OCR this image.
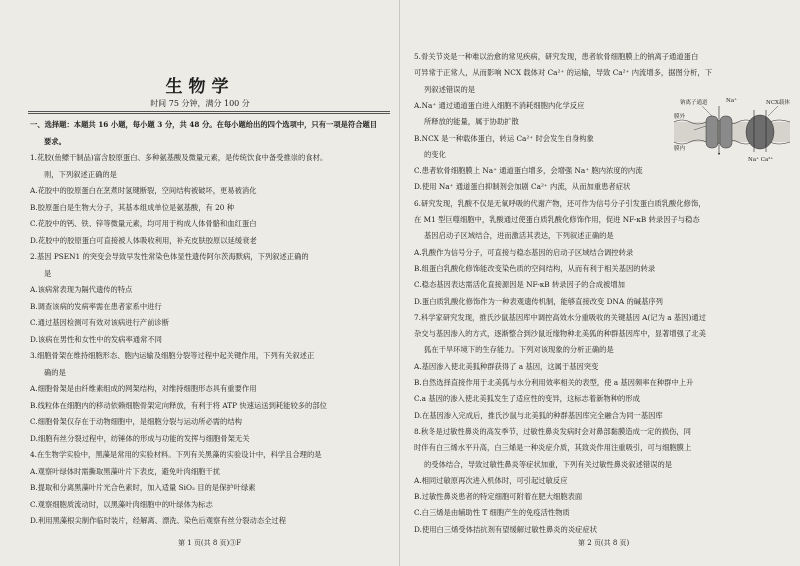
生物学
时间 75 分钟，满分 100 分
一、选择题：本题共 16 小题，每小题 3 分，共 48 分。在每小题给出的四个选项中，只有一项是符合题目
要求。
1.花胶(鱼鳔干制品)富含胶原蛋白、多种氨基酸及微量元素，是传统饮食中备受推崇的食材。
则，下列叙述正确的是
A.花胶中的胶原蛋白在烹煮时氢键断裂，空间结构被破坏，更易被消化
B.胶原蛋白是生物大分子，其基本组成单位是氨基酸，有 20 种
C.花胶中的钙、铁、锌等微量元素，均可用于构成人体骨骼和血红蛋白
D.花胶中的胶原蛋白可直接被人体吸收利用，补充皮肤胶原以延缓衰老
2.基因 PSEN1 的突变会导致早发性常染色体显性遗传阿尔茨海默病，下列叙述正确的
是
A.该病常表现为隔代遗传的特点
B.调查该病的发病率需在患者家系中进行
C.通过基因检测可有效对该病进行产前诊断
D.该病在男性和女性中的发病率通常不同
3.细胞骨架在维持细胞形态、胞内运输及细胞分裂等过程中起关键作用，下列有关叙述正
确的是
A.细胞骨架是由纤维素组成的网架结构，对维持细胞形态具有重要作用
B.线粒体在细胞内的移动依赖细胞骨架定向释放，有利于将 ATP 快速运送到耗能较多的部位
C.细胞骨架仅存在于动物细胞中，是细胞分裂与运动所必需的结构
D.细胞有丝分裂过程中，纺锤体的形成与功能的发挥与细胞骨架无关
4.在生物学实验中，黑藻是常用的实验材料。下列有关黑藻的实验设计中，科学且合理的是
A.观察叶绿体时需撕取黑藻叶片下表皮，避免叶肉细胞干扰
B.提取和分离黑藻叶片光合色素时，加入适量 SiO₂ 目的是保护叶绿素
C.观察细胞质流动时，以黑藻叶肉细胞中的叶绿体为标志
D.利用黑藻根尖制作临时装片，经解离、漂洗、染色后观察有丝分裂动态全过程
第 1 页(共 8 页)③F
5.骨关节炎是一种难以治愈的常见疾病，研究发现，患者软骨细胞膜上的钠离子通道蛋白
可异常于正常人，从而影响 NCX 载体对 Ca²⁺ 的运输，导致 Ca²⁺ 内流增多，据图分析，下
列叙述错误的是
A.Na⁺ 通过通道蛋白进入细胞不消耗细胞内化学反应
所释放的能量，属于协助扩散
B.NCX 是一种载体蛋白，转运 Ca²⁺ 时会发生自身构象
的变化
C.患者软骨细胞膜上 Na⁺ 通道蛋白增多，会增强 Na⁺ 胞内浓度的内流
D.使用 Na⁺ 通道蛋白抑制剂会加剧 Ca²⁺ 内流，从而加重患者症状
6.研究发现，乳酸不仅是无氧呼吸的代谢产物，还可作为信号分子引发蛋白质乳酸化修饰，
在 M1 型巨噬细胞中，乳酸通过使蛋白质乳酸化修饰作用，促进 NF-κB 转录因子与稳态
基因启动子区域结合，进而激活其表达，下列叙述正确的是
A.乳酸作为信号分子，可直接与稳态基因的启动子区域结合调控转录
B.组蛋白乳酸化修饰能改变染色质的空间结构，从而有利于相关基因的转录
C.稳态基因表达需活化直接源因是 NF-κB 转录因子的合成被增加
D.蛋白质乳酸化修饰作为一种表观遗传机制，能够直接改变 DNA 的碱基序列
7.科学家研究发现，推氏沙鼠基因库中调控高效水分重吸收的关键基因 A(记为 a 基因)通过
杂交与基因渗入的方式，逐渐整合到沙鼠近缘物种北美狐的种群基因库中，显著增强了北美
狐在干旱环境下的生存能力。下列对该现象的分析正确的是
A.基因渗入使北美狐种群获得了 a 基因，这属于基因突变
B.自然选择直接作用于北美狐与水分利用效率相关的表型，使 a 基因频率在种群中上升
C.a 基因的渗入使北美狐发生了适应性的变异，这标志着新物种的形成
D.在基因渗入完成后，推氏沙鼠与北美狐的种群基因库完全融合为同一基因库
8.秋冬是过敏性鼻炎的高发季节，过敏性鼻炎发病时会对鼻部黏膜造成一定的损伤，同
时伴有白三烯水平升高，白三烯是一种炎症介质，其致炎作用注重吸引，可与细胞膜上
的受体结合，导致过敏性鼻炎等症状加重，下列有关过敏性鼻炎叙述错误的是
A.相同过敏原再次进入机体时，可引起过敏反应
B.过敏性鼻炎患者的特定细胞可附着在肥大细胞表面
C.白三烯是由辅助性 T 细胞产生的免疫活性物质
D.使用白三烯受体拮抗剂有望缓解过敏性鼻炎的炎症症状
钠离子通道	Na⁺	NCX载体
膜外
膜内
Na⁺ Ca²⁺
第 2 页(共 8 页)
